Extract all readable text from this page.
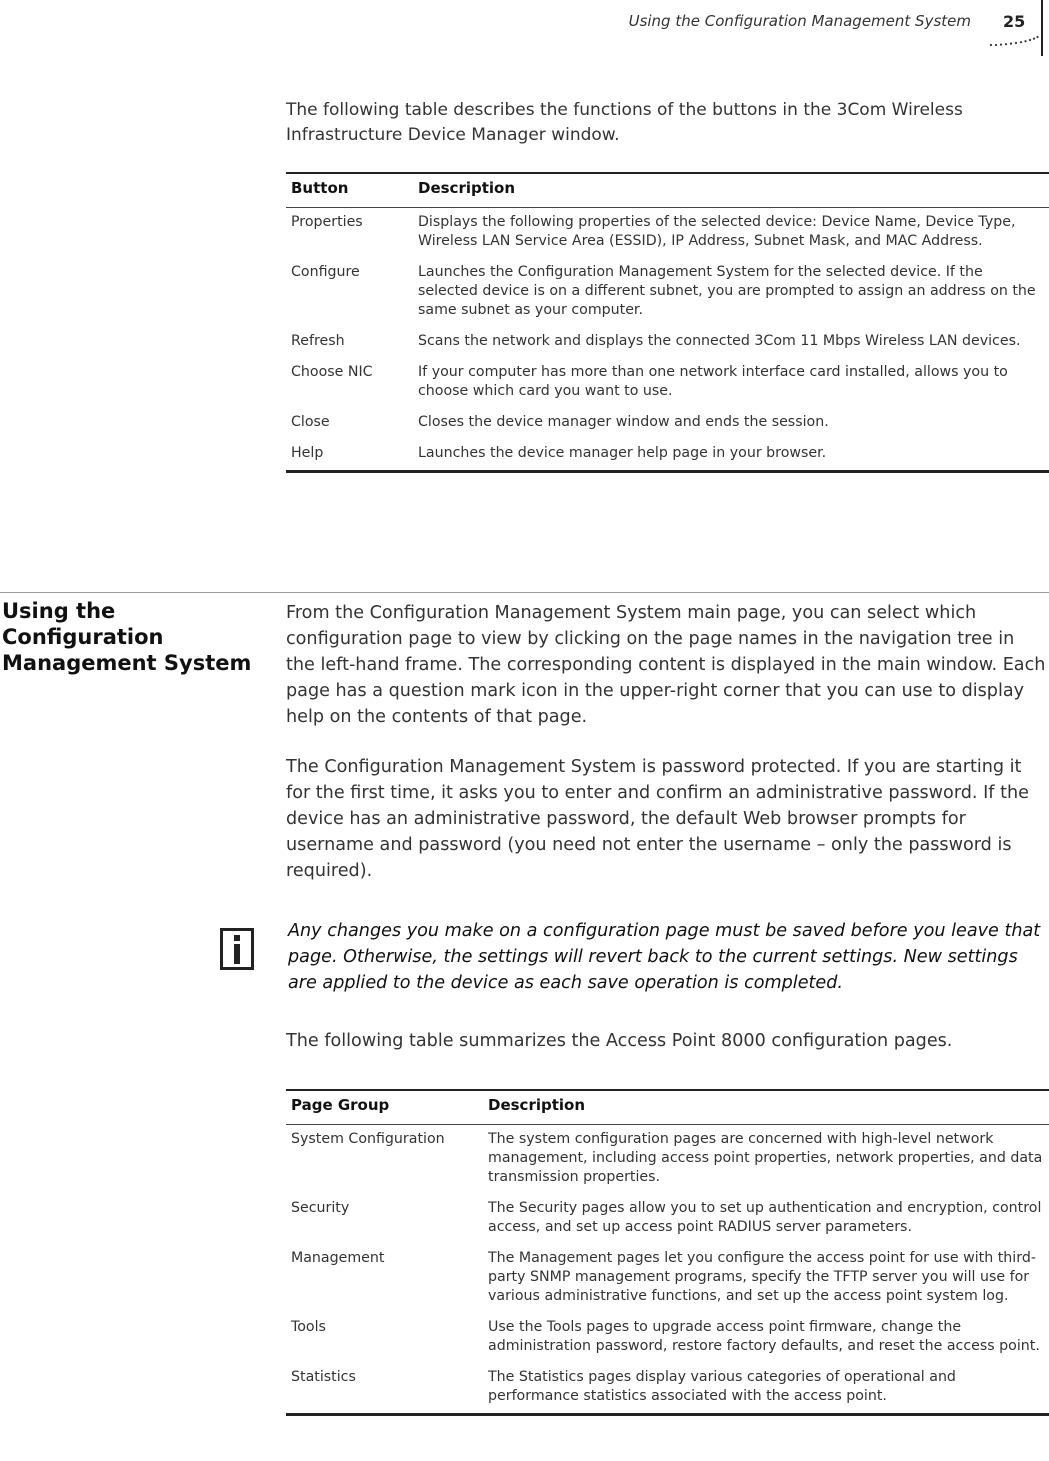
Using the Configuration Management System 25
The following table describes the functions of the buttons in the 3Com Wireless Infrastructure Device Manager window.
Button	Description
Properties	Displays the following properties of the selected device: Device Name, Device Type, Wireless LAN Service Area (ESSID), IP Address, Subnet Mask, and MAC Address.
Configure	Launches the Configuration Management System for the selected device. If the selected device is on a different subnet, you are prompted to assign an address on the same subnet as your computer.
Refresh	Scans the network and displays the connected 3Com 11 Mbps Wireless LAN devices.
Choose NIC	If your computer has more than one network interface card installed, allows you to choose which card you want to use.
Close	Closes the device manager window and ends the session.
Help	Launches the device manager help page in your browser.
Using the Configuration Management System
From the Configuration Management System main page, you can select which configuration page to view by clicking on the page names in the navigation tree in the left-hand frame. The corresponding content is displayed in the main window. Each page has a question mark icon in the upper-right corner that you can use to display help on the contents of that page.
The Configuration Management System is password protected. If you are starting it for the first time, it asks you to enter and confirm an administrative password. If the device has an administrative password, the default Web browser prompts for username and password (you need not enter the username – only the password is required).
Any changes you make on a configuration page must be saved before you leave that page. Otherwise, the settings will revert back to the current settings. New settings are applied to the device as each save operation is completed.
The following table summarizes the Access Point 8000 configuration pages.
Page Group	Description
System Configuration	The system configuration pages are concerned with high-level network management, including access point properties, network properties, and data transmission properties.
Security	The Security pages allow you to set up authentication and encryption, control access, and set up access point RADIUS server parameters.
Management	The Management pages let you configure the access point for use with third-party SNMP management programs, specify the TFTP server you will use for various administrative functions, and set up the access point system log.
Tools	Use the Tools pages to upgrade access point firmware, change the administration password, restore factory defaults, and reset the access point.
Statistics	The Statistics pages display various categories of operational and performance statistics associated with the access point.
